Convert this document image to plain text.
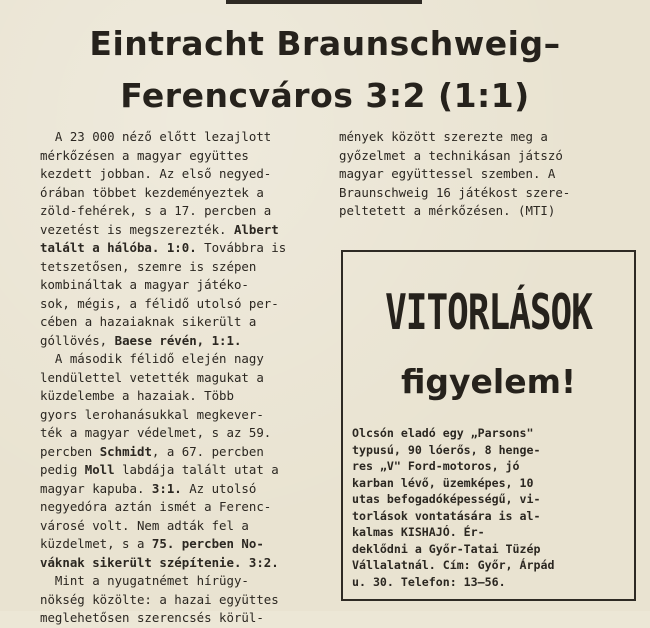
Eintracht Braunschweig–
Ferencváros 3:2 (1:1)
A 23 000 néző előtt lezajlott
mérkőzésen a magyar együttes
kezdett jobban. Az első negyed-
órában többet kezdeményeztek a
zöld-fehérek, s a 17. percben a
vezetést is megszerezték. Albert
talált a hálóba. 1:0. Továbbra is
tetszetősen, szemre is szépen
kombináltak a magyar játéko-
sok, mégis, a félidő utolsó per-
cében a hazaiaknak sikerült a
góllövés, Baese révén, 1:1.
A második félidő elején nagy
lendülettel vetették magukat a
küzdelembe a hazaiak. Több
gyors lerohanásukkal megkever-
ték a magyar védelmet, s az 59.
percben Schmidt, a 67. percben
pedig Moll labdája talált utat a
magyar kapuba. 3:1. Az utolsó
negyedóra aztán ismét a Ferenc-
városé volt. Nem adták fel a
küzdelmet, s a 75. percben No-
váknak sikerült szépítenie. 3:2.
Mint a nyugatnémet hírügy-
nökség közölte: a hazai együttes
meglehetősen szerencsés körül-
mények között szerezte meg a
győzelmet a technikásan játszó
magyar együttessel szemben. A
Braunschweig 16 játékost szere-
peltetett a mérkőzésen. (MTI)
VITORLÁSOK
figyelem!
Olcsón eladó egy „Parsons"
typusú, 90 lóerős, 8 henge-
res „V" Ford-motoros, jó
karban lévő, üzemképes, 10
utas befogadóképességű, vi-
torlások vontatására is al-
kalmas KISHAJÓ. Ér-
deklődni a Győr-Tatai Tüzép
Vállalatnál. Cím: Győr, Árpád
u. 30. Telefon: 13—56.
